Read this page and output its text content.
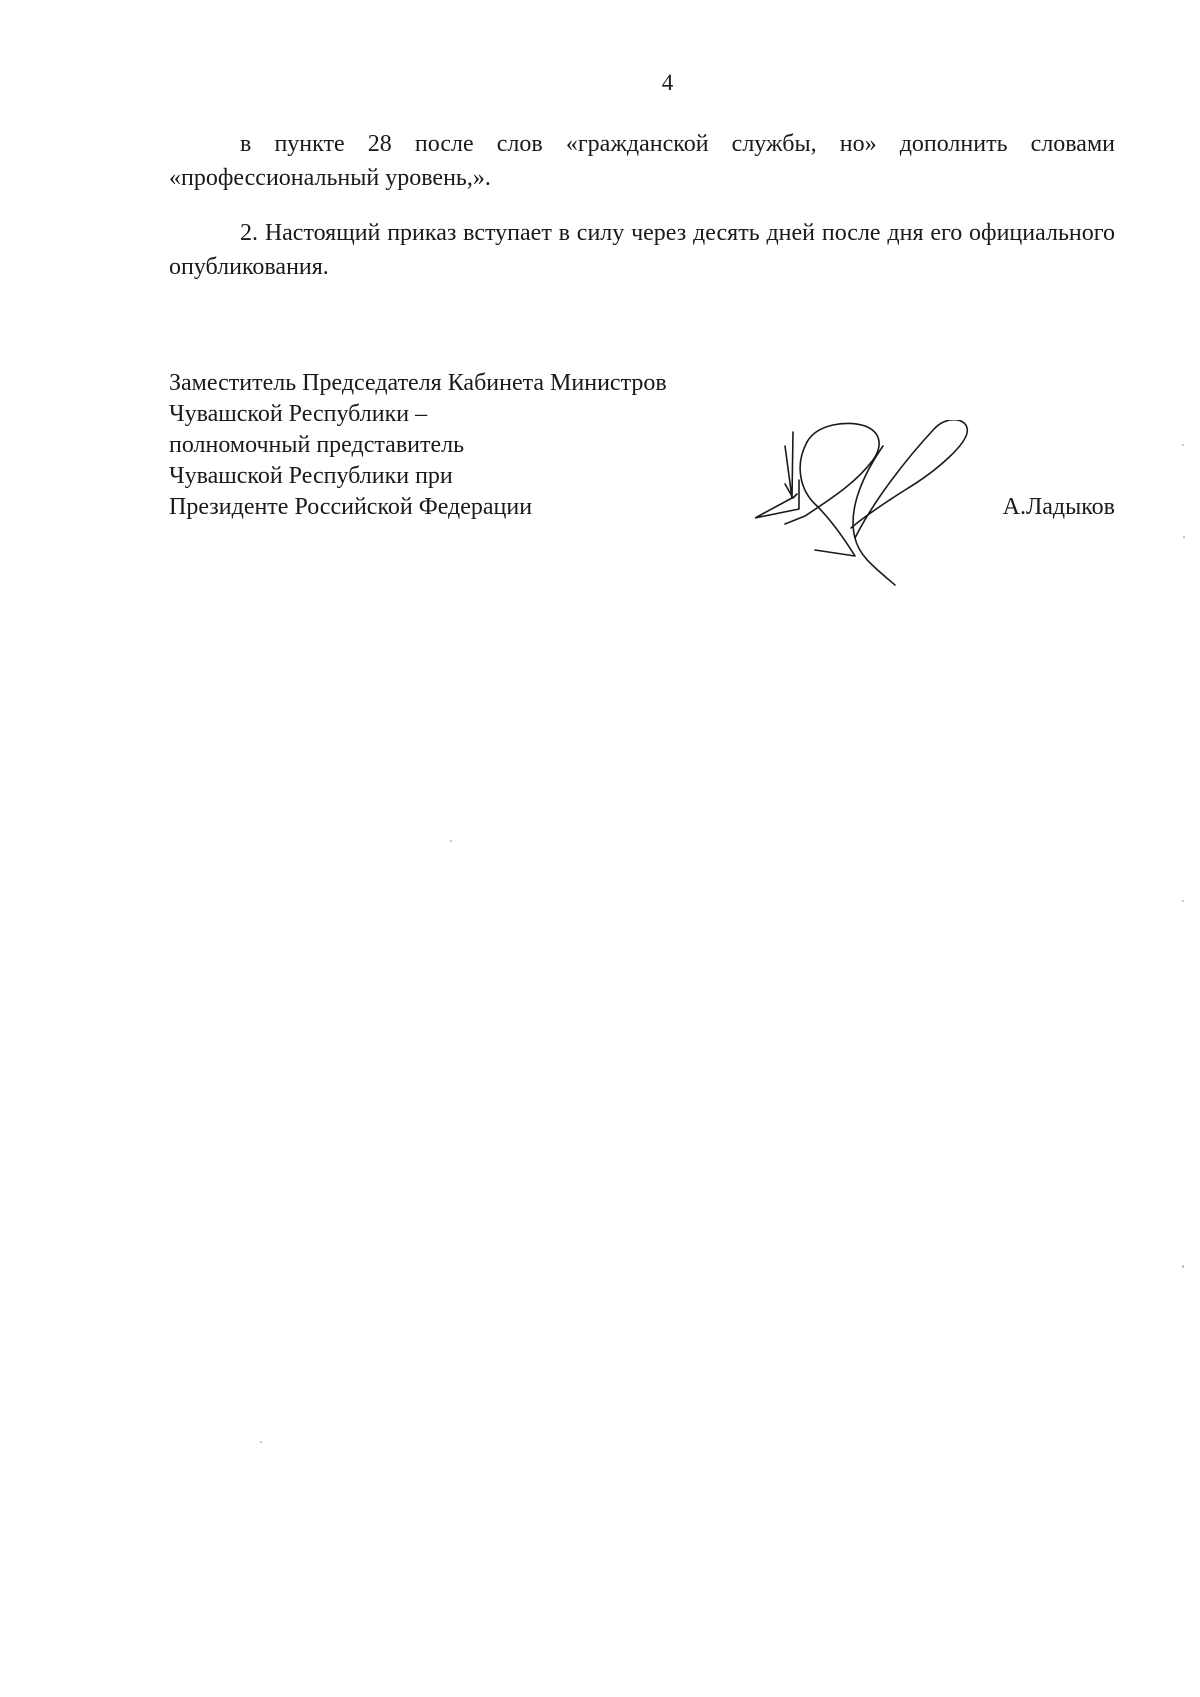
4

в пункте 28 после слов «гражданской службы, но» дополнить словами «профессиональный уровень,».

2. Настоящий приказ вступает в силу через десять дней после дня его официального опубликования.

Заместитель Председателя Кабинета Министров
Чувашской Республики –
полномочный представитель
Чувашской Республики при
Президенте Российской Федерации	А.Ладыков
